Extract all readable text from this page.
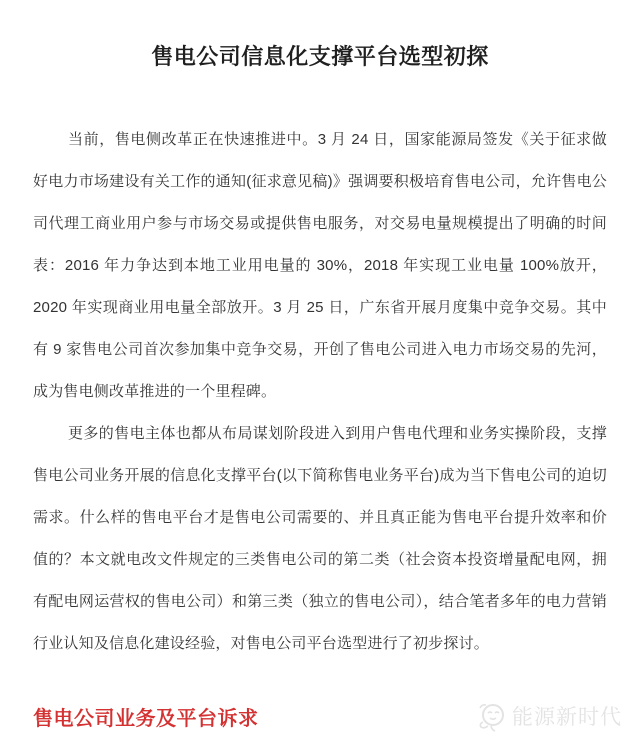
售电公司信息化支撑平台选型初探

当前，售电侧改革正在快速推进中。3 月 24 日，国家能源局签发《关于征求做好电力市场建设有关工作的通知(征求意见稿)》强调要积极培育售电公司，允许售电公司代理工商业用户参与市场交易或提供售电服务，对交易电量规模提出了明确的时间表：2016 年力争达到本地工业用电量的 30%，2018 年实现工业电量 100%放开，2020 年实现商业用电量全部放开。3 月 25 日，广东省开展月度集中竞争交易。其中有 9 家售电公司首次参加集中竞争交易，开创了售电公司进入电力市场交易的先河，成为售电侧改革推进的一个里程碑。

更多的售电主体也都从布局谋划阶段进入到用户售电代理和业务实操阶段，支撑售电公司业务开展的信息化支撑平台(以下简称售电业务平台)成为当下售电公司的迫切需求。什么样的售电平台才是售电公司需要的、并且真正能为售电平台提升效率和价值的？本文就电改文件规定的三类售电公司的第二类（社会资本投资增量配电网，拥有配电网运营权的售电公司）和第三类（独立的售电公司），结合笔者多年的电力营销行业认知及信息化建设经验，对售电公司平台选型进行了初步探讨。

售电公司业务及平台诉求	能源新时代
